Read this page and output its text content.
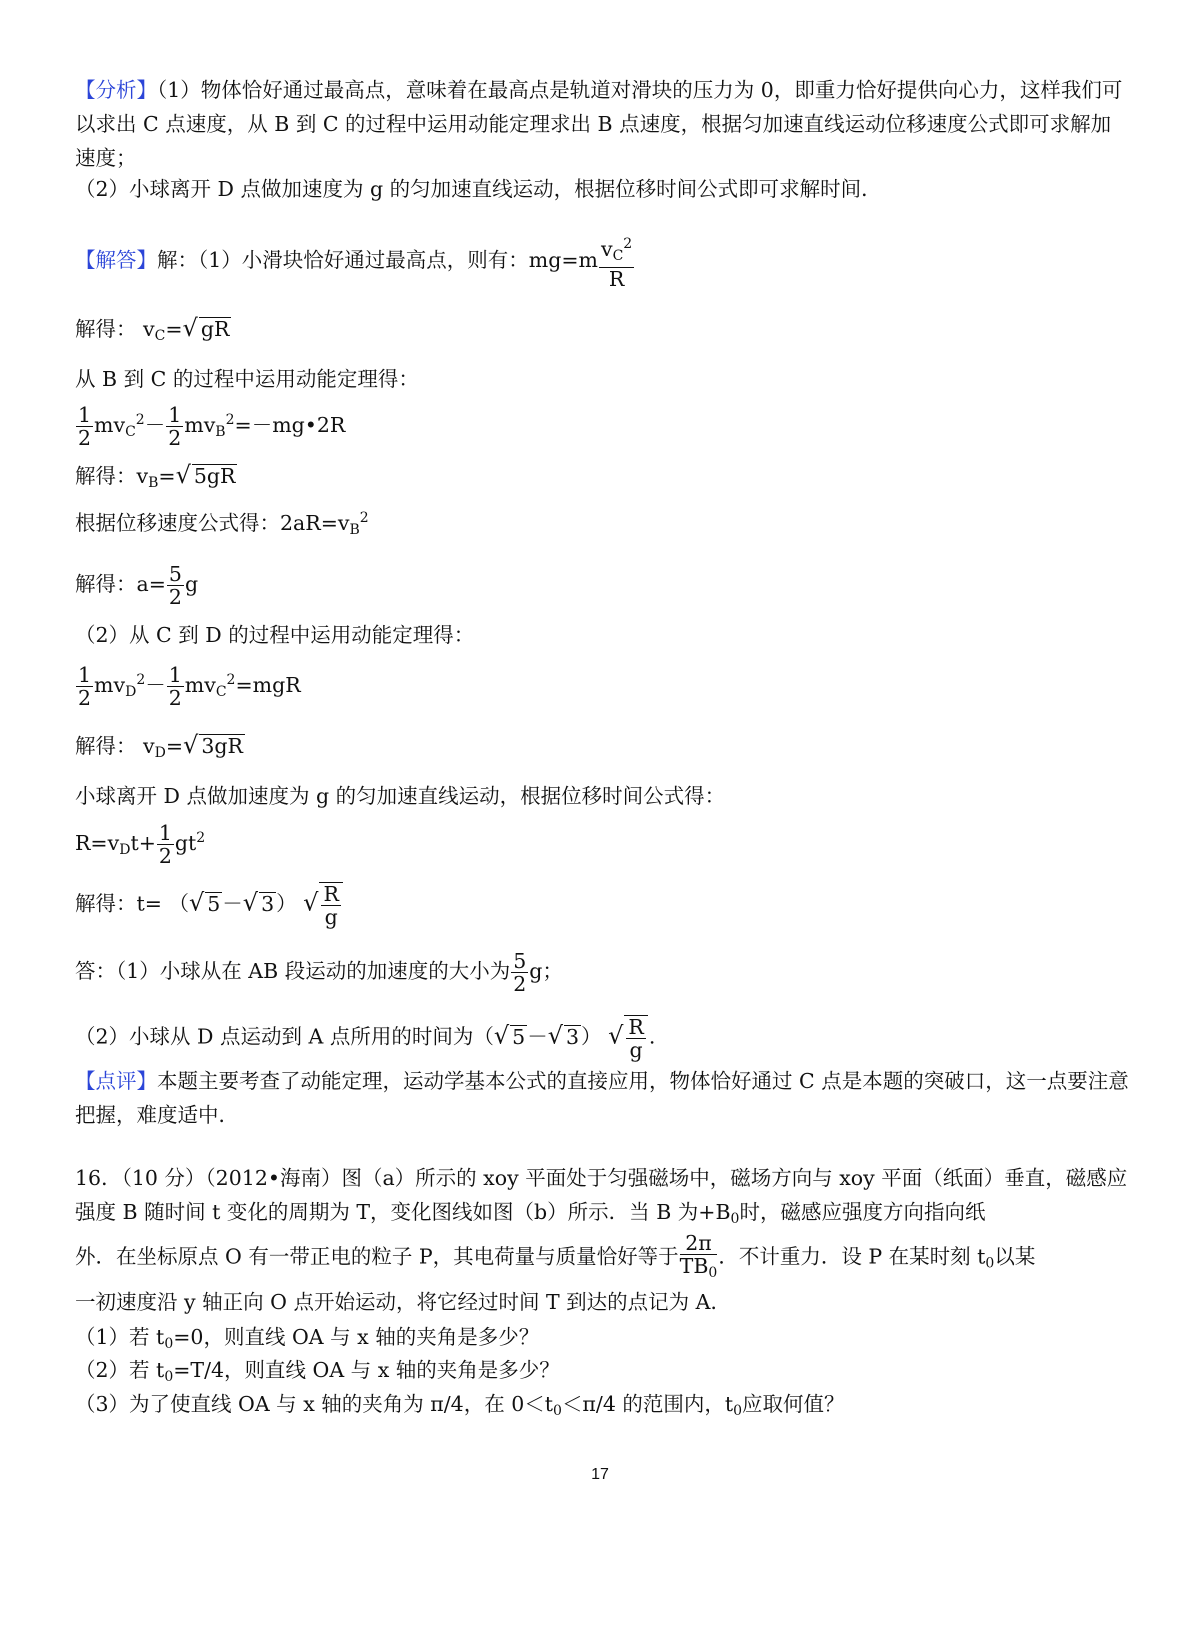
【分析】（1）物体恰好通过最高点，意味着在最高点是轨道对滑块的压力为 0，即重力恰好提供向心力，这样我们可以求出 C 点速度，从 B 到 C 的过程中运用动能定理求出 B 点速度，根据匀加速直线运动位移速度公式即可求解加速度；

（2）小球离开 D 点做加速度为 g 的匀加速直线运动，根据位移时间公式即可求解时间．

【解答】解：（1）小滑块恰好通过最高点，则有：$mg=m \frac{v_C^2}{R}$
解得： $v_C=√$ gR
从 B 到 C 的过程中运用动能定理得：
$\frac{1}{2} mv_C^2- \frac{1}{2}$ $mv_B^2=-mg•2R$
解得：$v_B=√$ 5gR
根据位移速度公式得：$2aR=v_B^2$
解得：$a= \frac{5}{2}$ g
（2）从 C 到 D 的过程中运用动能定理得：
$\frac{1}{2} mv_D^2- \frac{1}{2} mv_C^2=mgR$
解得： $v_D=√$ 3gR
小球离开 D 点做加速度为 g 的匀加速直线运动，根据位移时间公式得：
$R=v_Dt+ \frac{1}{2} gt^2$
解得：t= （√ 5－√ 3） √ $\frac{R}{g}$
答：（1）小球从在 AB 段运动的加速度的大小为 $\frac{5}{2}$ g；
（2）小球从 D 点运动到 A 点所用的时间为（√ 5－√ 3） √ $\frac{R}{g}$ .

【点评】本题主要考查了动能定理，运动学基本公式的直接应用，物体恰好通过 C 点是本题的突破口，这一点要注意把握，难度适中．

16．（10 分）（2012•海南）图（a）所示的 xoy 平面处于匀强磁场中，磁场方向与 xoy 平面（纸面）垂直，磁感应强度 B 随时间 t 变化的周期为 T，变化图线如图（b）所示．当 B 为$+B_0$时，磁感应强度方向指向纸

外．在坐标原点 O 有一带正电的粒子 P，其电荷量与质量恰好等于 $\frac{2\pi}{TB_0}$ ．不计重力．设 P 在某时刻 $t_0$以某
一初速度沿 y 轴正向 O 点开始运动，将它经过时间 T 到达的点记为 A．
（1）若 $t_0=0$，则直线 OA 与 x 轴的夹角是多少？
（2）若 $t_0=T/4$，则直线 OA 与 x 轴的夹角是多少？
（3）为了使直线 OA 与 x 轴的夹角为 π/4，在 $0<t_0<\pi/4$ 的范围内，$t_0$应取何值？
17
